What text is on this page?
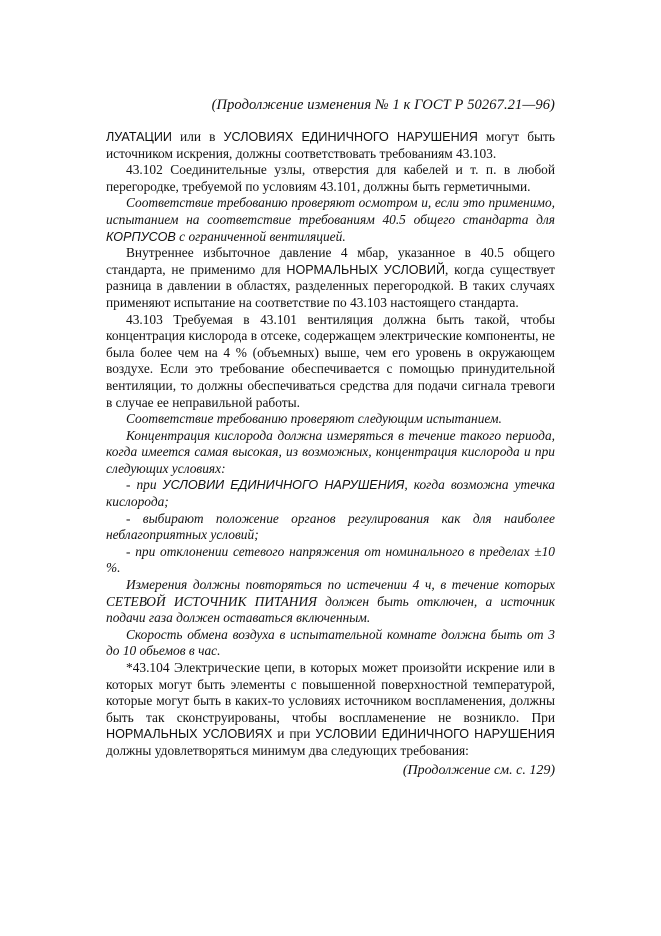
(Продолжение изменения № 1 к ГОСТ Р 50267.21—96)

ЛУАТАЦИИ или в УСЛОВИЯХ ЕДИНИЧНОГО НАРУШЕНИЯ могут быть источником искрения, должны соответствовать требованиям 43.103.

43.102 Соединительные узлы, отверстия для кабелей и т. п. в любой перегородке, требуемой по условиям 43.101, должны быть герметичными.

Соответствие требованию проверяют осмотром и, если это применимо, испытанием на соответствие требованиям 40.5 общего стандарта для КОРПУСОВ с ограниченной вентиляцией.

Внутреннее избыточное давление 4 мбар, указанное в 40.5 общего стандарта, не применимо для НОРМАЛЬНЫХ УСЛОВИЙ, когда существует разница в давлении в областях, разделенных перегородкой. В таких случаях применяют испытание на соответствие по 43.103 настоящего стандарта.

43.103 Требуемая в 43.101 вентиляция должна быть такой, чтобы концентрация кислорода в отсеке, содержащем электрические компоненты, не была более чем на 4 % (объемных) выше, чем его уровень в окружающем воздухе. Если это требование обеспечивается с помощью принудительной вентиляции, то должны обеспечиваться средства для подачи сигнала тревоги в случае ее неправильной работы.

Соответствие требованию проверяют следующим испытанием.

Концентрация кислорода должна измеряться в течение такого периода, когда имеется самая высокая, из возможных, концентрация кислорода и при следующих условиях:

- при УСЛОВИИ ЕДИНИЧНОГО НАРУШЕНИЯ, когда возможна утечка кислорода;

- выбирают положение органов регулирования как для наиболее неблагоприятных условий;

- при отклонении сетевого напряжения от номинального в пределах ±10 %.

Измерения должны повторяться по истечении 4 ч, в течение которых СЕТЕВОЙ ИСТОЧНИК ПИТАНИЯ должен быть отключен, а источник подачи газа должен оставаться включенным.

Скорость обмена воздуха в испытательной комнате должна быть от 3 до 10 обьемов в час.

*43.104 Электрические цепи, в которых может произойти искрение или в которых могут быть элементы с повышенной поверхностной температурой, которые могут быть в каких-то условиях источником воспламенения, должны быть так сконструированы, чтобы воспламенение не возникло. При НОРМАЛЬНЫХ УСЛОВИЯХ и при УСЛОВИИ ЕДИНИЧНОГО НАРУШЕНИЯ должны удовлетворяться минимум два следующих требования:

(Продолжение см. с. 129)
